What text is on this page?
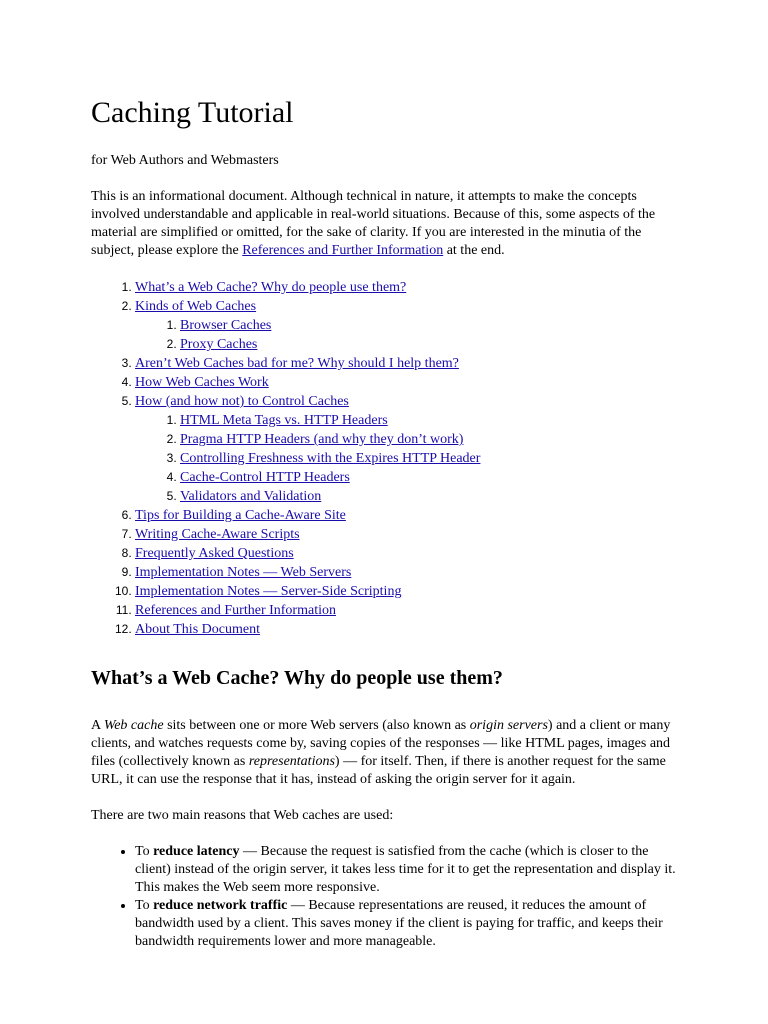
Caching Tutorial

for Web Authors and Webmasters

This is an informational document. Although technical in nature, it attempts to make the concepts involved understandable and applicable in real-world situations. Because of this, some aspects of the material are simplified or omitted, for the sake of clarity. If you are interested in the minutia of the subject, please explore the References and Further Information at the end.

1. What’s a Web Cache? Why do people use them?
2. Kinds of Web Caches
1. Browser Caches
2. Proxy Caches
3. Aren’t Web Caches bad for me? Why should I help them?
4. How Web Caches Work
5. How (and how not) to Control Caches
1. HTML Meta Tags vs. HTTP Headers
2. Pragma HTTP Headers (and why they don’t work)
3. Controlling Freshness with the Expires HTTP Header
4. Cache-Control HTTP Headers
5. Validators and Validation
6. Tips for Building a Cache-Aware Site
7. Writing Cache-Aware Scripts
8. Frequently Asked Questions
9. Implementation Notes — Web Servers
10. Implementation Notes — Server-Side Scripting
11. References and Further Information
12. About This Document
What’s a Web Cache? Why do people use them?

A Web cache sits between one or more Web servers (also known as origin servers) and a client or many clients, and watches requests come by, saving copies of the responses — like HTML pages, images and files (collectively known as representations) — for itself. Then, if there is another request for the same URL, it can use the response that it has, instead of asking the origin server for it again.

There are two main reasons that Web caches are used:

• To reduce latency — Because the request is satisfied from the cache (which is closer to the client) instead of the origin server, it takes less time for it to get the representation and display it. This makes the Web seem more responsive.
• To reduce network traffic — Because representations are reused, it reduces the amount of bandwidth used by a client. This saves money if the client is paying for traffic, and keeps their bandwidth requirements lower and more manageable.
